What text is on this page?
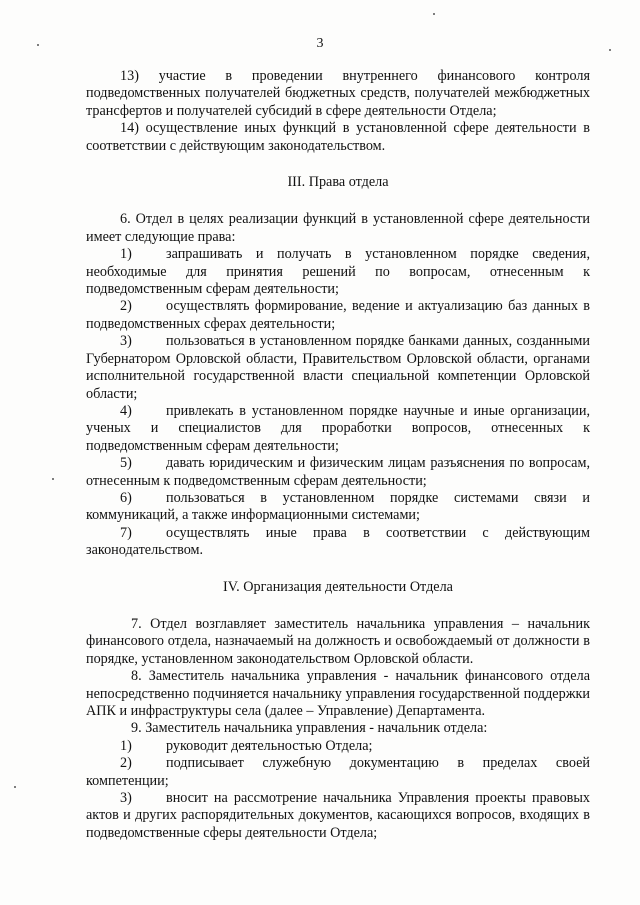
3

13) участие в проведении внутреннего финансового контроля подведомственных получателей бюджетных средств, получателей межбюджетных трансфертов и получателей субсидий в сфере деятельности Отдела;

14) осуществление иных функций в установленной сфере деятельности в соответствии с действующим законодательством.

III. Права отдела

6. Отдел в целях реализации функций в установленной сфере деятельности имеет следующие права:

1) запрашивать и получать в установленном порядке сведения, необходимые для принятия решений по вопросам, отнесенным к подведомственным сферам деятельности;

2) осуществлять формирование, ведение и актуализацию баз данных в подведомственных сферах деятельности;

3) пользоваться в установленном порядке банками данных, созданными Губернатором Орловской области, Правительством Орловской области, органами исполнительной государственной власти специальной компетенции Орловской области;

4) привлекать в установленном порядке научные и иные организации, ученых и специалистов для проработки вопросов, отнесенных к подведомственным сферам деятельности;

5) давать юридическим и физическим лицам разъяснения по вопросам, отнесенным к подведомственным сферам деятельности;

6) пользоваться в установленном порядке системами связи и коммуникаций, а также информационными системами;

7) осуществлять иные права в соответствии с действующим законодательством.

IV. Организация деятельности Отдела

7. Отдел возглавляет заместитель начальника управления – начальник финансового отдела, назначаемый на должность и освобождаемый от должности в порядке, установленном законодательством Орловской области.

8. Заместитель начальника управления - начальник финансового отдела непосредственно подчиняется начальнику управления государственной поддержки АПК и инфраструктуры села (далее – Управление) Департамента.

9. Заместитель начальника управления - начальник отдела:

1) руководит деятельностью Отдела;

2) подписывает служебную документацию в пределах своей компетенции;

3) вносит на рассмотрение начальника Управления проекты правовых актов и других распорядительных документов, касающихся вопросов, входящих в подведомственные сферы деятельности Отдела;
